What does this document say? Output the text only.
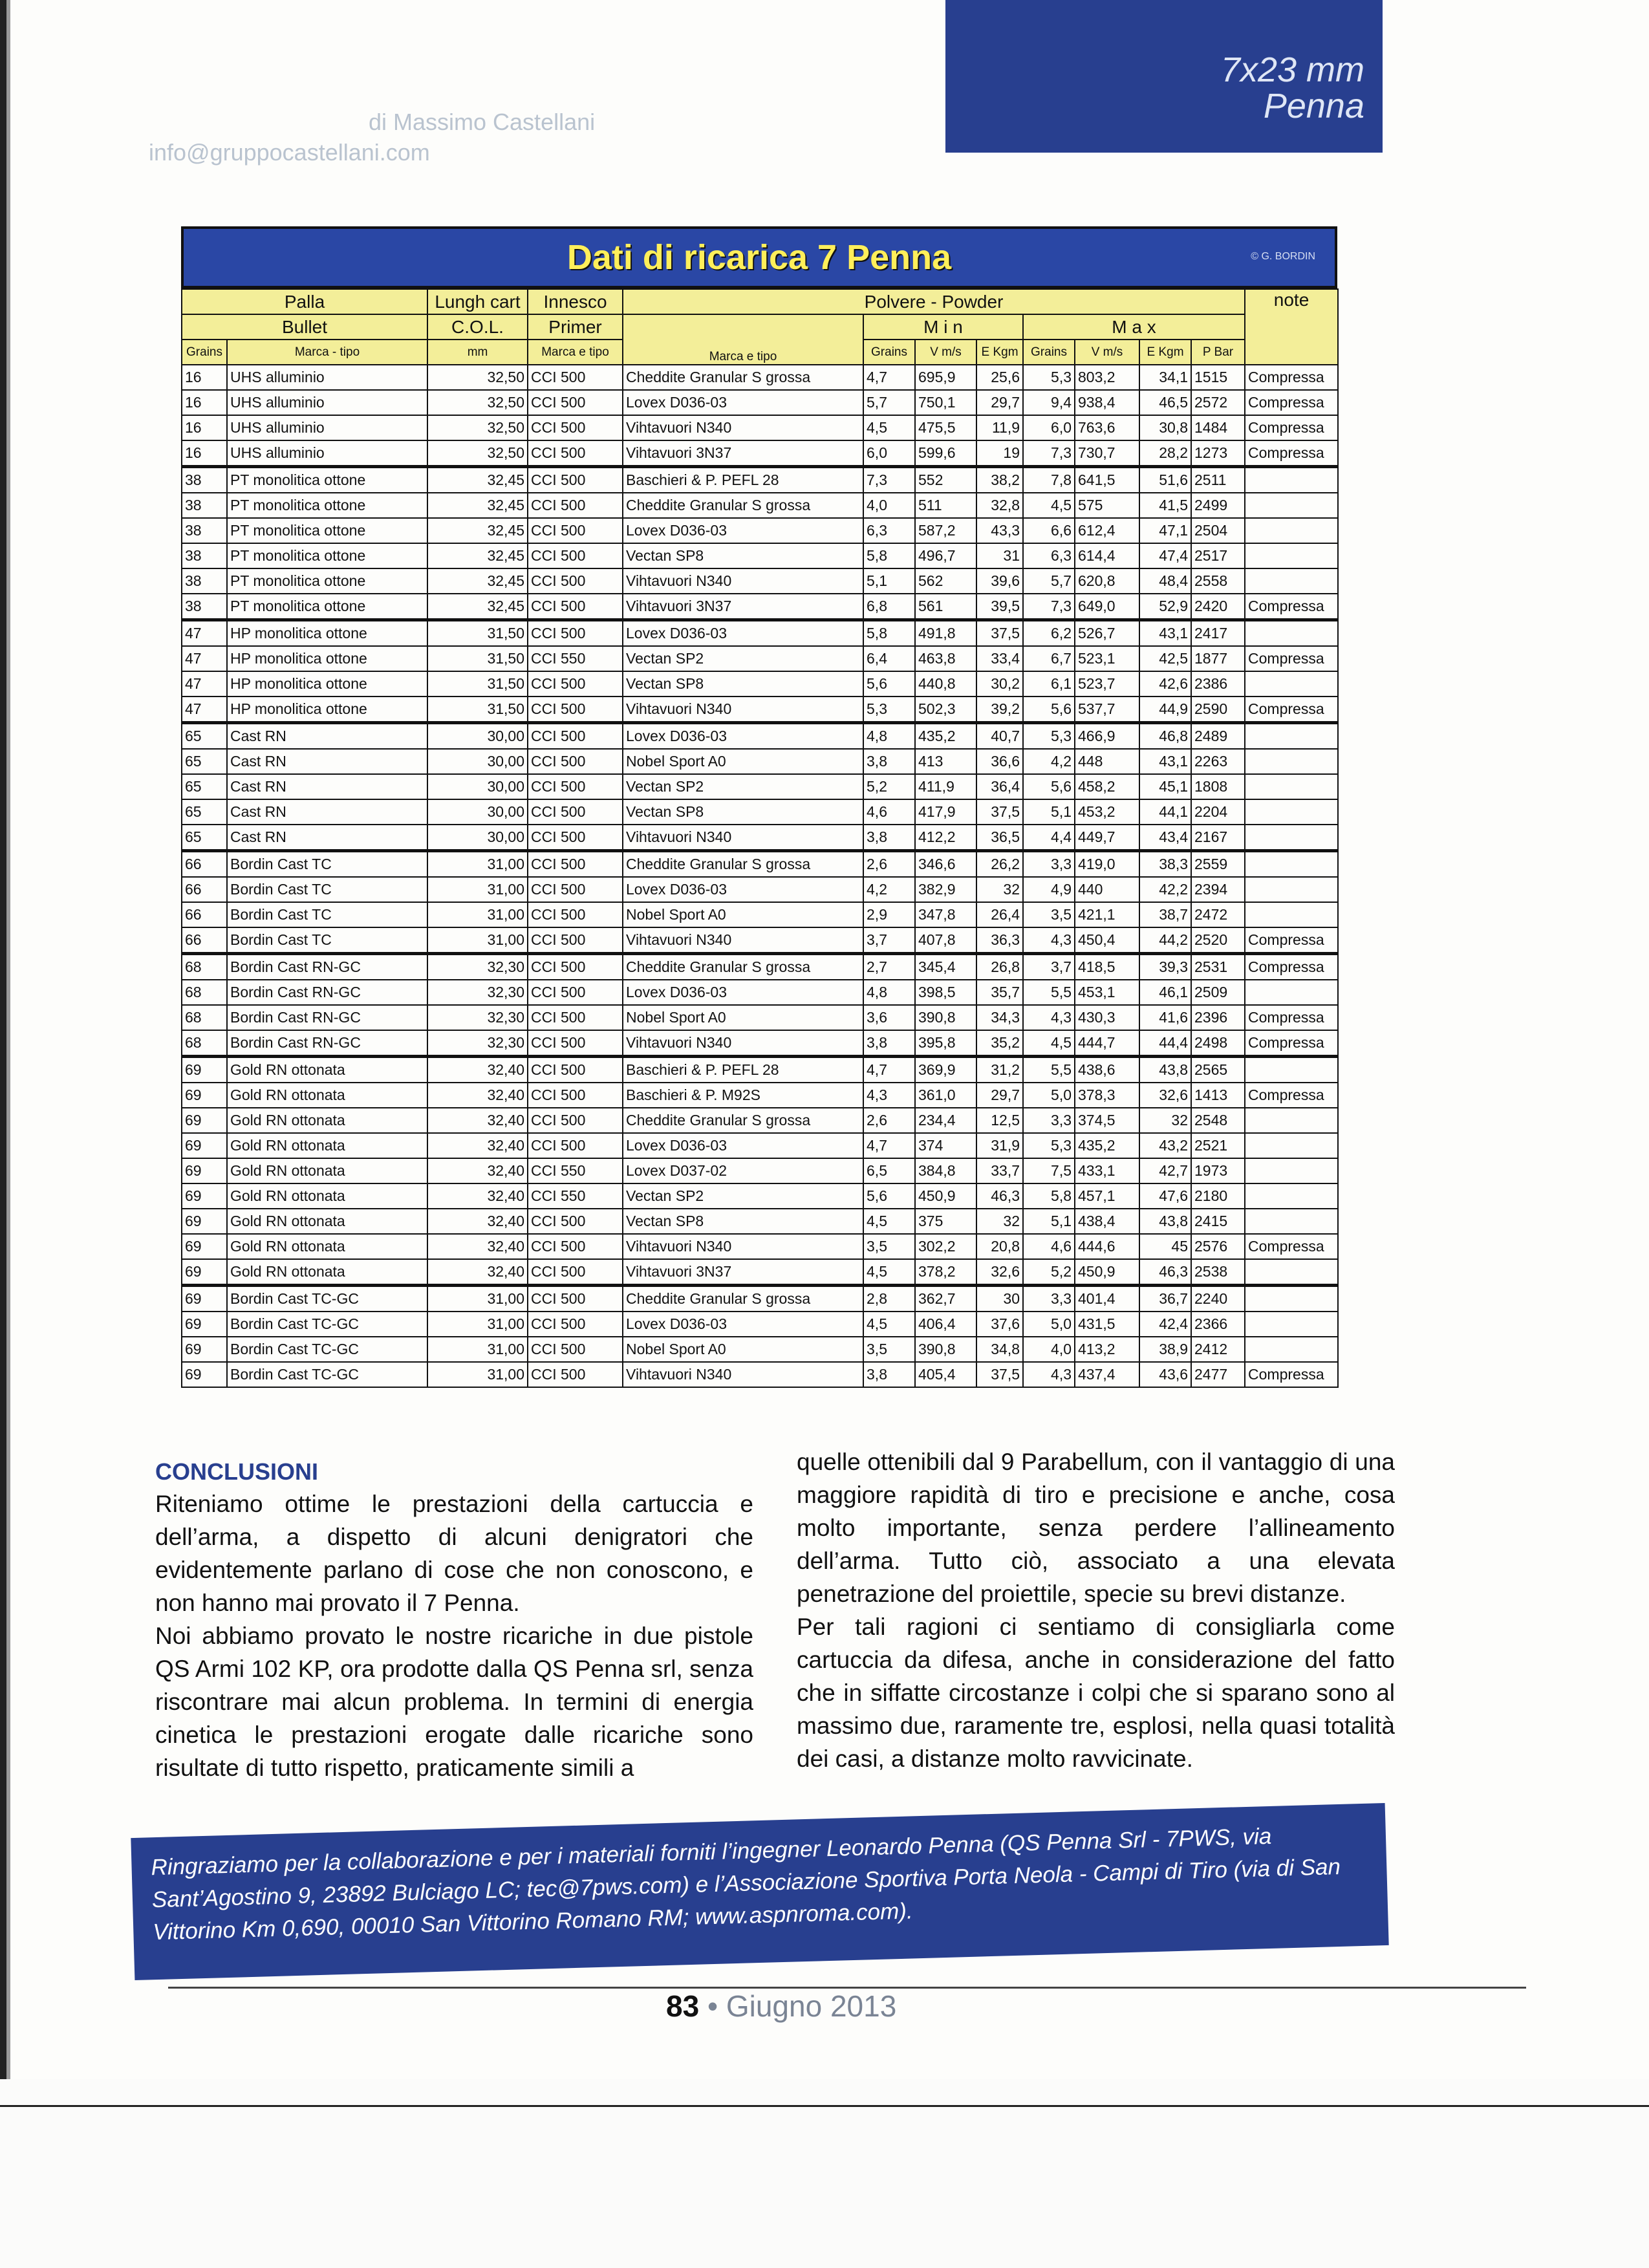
di Massimo Castellani
info@gruppocastellani.com
7x23 mm
Penna
Dati di ricarica 7 Penna	© G. BORDIN
Palla		Lungh cart	Innesco	Polvere - Powder								note
Bullet		C.O.L.	Primer	Marca e tipo	M i n			M a x				
Grains	Marca - tipo	mm	Marca e tipo		Grains	V m/s	E Kgm	Grains	V m/s	E Kgm	P Bar	
16	UHS alluminio	32,50	CCI 500	Cheddite Granular S grossa	4,7	695,9	25,6	5,3	803,2	34,1	1515	Compressa
16	UHS alluminio	32,50	CCI 500	Lovex D036-03	5,7	750,1	29,7	9,4	938,4	46,5	2572	Compressa
16	UHS alluminio	32,50	CCI 500	Vihtavuori N340	4,5	475,5	11,9	6,0	763,6	30,8	1484	Compressa
16	UHS alluminio	32,50	CCI 500	Vihtavuori 3N37	6,0	599,6	19	7,3	730,7	28,2	1273	Compressa
38	PT monolitica ottone	32,45	CCI 500	Baschieri & P. PEFL 28	7,3	552	38,2	7,8	641,5	51,6	2511	
38	PT monolitica ottone	32,45	CCI 500	Cheddite Granular S grossa	4,0	511	32,8	4,5	575	41,5	2499	
38	PT monolitica ottone	32,45	CCI 500	Lovex D036-03	6,3	587,2	43,3	6,6	612,4	47,1	2504	
38	PT monolitica ottone	32,45	CCI 500	Vectan SP8	5,8	496,7	31	6,3	614,4	47,4	2517	
38	PT monolitica ottone	32,45	CCI 500	Vihtavuori N340	5,1	562	39,6	5,7	620,8	48,4	2558	
38	PT monolitica ottone	32,45	CCI 500	Vihtavuori 3N37	6,8	561	39,5	7,3	649,0	52,9	2420	Compressa
47	HP monolitica ottone	31,50	CCI 500	Lovex D036-03	5,8	491,8	37,5	6,2	526,7	43,1	2417	
47	HP monolitica ottone	31,50	CCI 550	Vectan SP2	6,4	463,8	33,4	6,7	523,1	42,5	1877	Compressa
47	HP monolitica ottone	31,50	CCI 500	Vectan SP8	5,6	440,8	30,2	6,1	523,7	42,6	2386	
47	HP monolitica ottone	31,50	CCI 500	Vihtavuori N340	5,3	502,3	39,2	5,6	537,7	44,9	2590	Compressa
65	Cast RN	30,00	CCI 500	Lovex D036-03	4,8	435,2	40,7	5,3	466,9	46,8	2489	
65	Cast RN	30,00	CCI 500	Nobel Sport A0	3,8	413	36,6	4,2	448	43,1	2263	
65	Cast RN	30,00	CCI 500	Vectan SP2	5,2	411,9	36,4	5,6	458,2	45,1	1808	
65	Cast RN	30,00	CCI 500	Vectan SP8	4,6	417,9	37,5	5,1	453,2	44,1	2204	
65	Cast RN	30,00	CCI 500	Vihtavuori N340	3,8	412,2	36,5	4,4	449,7	43,4	2167	
66	Bordin Cast TC	31,00	CCI 500	Cheddite Granular S grossa	2,6	346,6	26,2	3,3	419,0	38,3	2559	
66	Bordin Cast TC	31,00	CCI 500	Lovex D036-03	4,2	382,9	32	4,9	440	42,2	2394	
66	Bordin Cast TC	31,00	CCI 500	Nobel Sport A0	2,9	347,8	26,4	3,5	421,1	38,7	2472	
66	Bordin Cast TC	31,00	CCI 500	Vihtavuori N340	3,7	407,8	36,3	4,3	450,4	44,2	2520	Compressa
68	Bordin Cast RN-GC	32,30	CCI 500	Cheddite Granular S grossa	2,7	345,4	26,8	3,7	418,5	39,3	2531	Compressa
68	Bordin Cast RN-GC	32,30	CCI 500	Lovex D036-03	4,8	398,5	35,7	5,5	453,1	46,1	2509	
68	Bordin Cast RN-GC	32,30	CCI 500	Nobel Sport A0	3,6	390,8	34,3	4,3	430,3	41,6	2396	Compressa
68	Bordin Cast RN-GC	32,30	CCI 500	Vihtavuori N340	3,8	395,8	35,2	4,5	444,7	44,4	2498	Compressa
69	Gold RN ottonata	32,40	CCI 500	Baschieri & P. PEFL 28	4,7	369,9	31,2	5,5	438,6	43,8	2565	
69	Gold RN ottonata	32,40	CCI 500	Baschieri & P. M92S	4,3	361,0	29,7	5,0	378,3	32,6	1413	Compressa
69	Gold RN ottonata	32,40	CCI 500	Cheddite Granular S grossa	2,6	234,4	12,5	3,3	374,5	32	2548	
69	Gold RN ottonata	32,40	CCI 500	Lovex D036-03	4,7	374	31,9	5,3	435,2	43,2	2521	
69	Gold RN ottonata	32,40	CCI 550	Lovex D037-02	6,5	384,8	33,7	7,5	433,1	42,7	1973	
69	Gold RN ottonata	32,40	CCI 550	Vectan SP2	5,6	450,9	46,3	5,8	457,1	47,6	2180	
69	Gold RN ottonata	32,40	CCI 500	Vectan SP8	4,5	375	32	5,1	438,4	43,8	2415	
69	Gold RN ottonata	32,40	CCI 500	Vihtavuori N340	3,5	302,2	20,8	4,6	444,6	45	2576	Compressa
69	Gold RN ottonata	32,40	CCI 500	Vihtavuori 3N37	4,5	378,2	32,6	5,2	450,9	46,3	2538	
69	Bordin Cast TC-GC	31,00	CCI 500	Cheddite Granular S grossa	2,8	362,7	30	3,3	401,4	36,7	2240	
69	Bordin Cast TC-GC	31,00	CCI 500	Lovex D036-03	4,5	406,4	37,6	5,0	431,5	42,4	2366	
69	Bordin Cast TC-GC	31,00	CCI 500	Nobel Sport A0	3,5	390,8	34,8	4,0	413,2	38,9	2412	
69	Bordin Cast TC-GC	31,00	CCI 500	Vihtavuori N340	3,8	405,4	37,5	4,3	437,4	43,6	2477	Compressa
CONCLUSIONI

Riteniamo ottime le prestazioni della cartuccia e dell’arma, a dispetto di alcuni denigratori che evidentemente parlano di cose che non conoscono, e non hanno mai provato il 7 Penna.

Noi abbiamo provato le nostre ricariche in due pistole QS Armi 102 KP, ora prodotte dalla QS Penna srl, senza riscontrare mai alcun problema. In termini di energia cinetica le prestazioni erogate dalle ricariche sono risultate di tutto rispetto, praticamente simili a

quelle ottenibili dal 9 Parabellum, con il vantaggio di una maggiore rapidità di tiro e precisione e anche, cosa molto importante, senza perdere l’allineamento dell’arma. Tutto ciò, associato a una elevata penetrazione del proiettile, specie su brevi distanze.

Per tali ragioni ci sentiamo di consigliarla come cartuccia da difesa, anche in considerazione del fatto che in siffatte circostanze i colpi che si sparano sono al massimo due, raramente tre, esplosi, nella quasi totalità dei casi, a distanze molto ravvicinate.

Ringraziamo per la collaborazione e per i materiali forniti l’ingegner Leonardo Penna (QS Penna Srl - 7PWS, via Sant’Agostino 9, 23892 Bulciago LC; tec@7pws.com) e l’Associazione Sportiva Porta Neola - Campi di Tiro (via di San Vittorino Km 0,690, 00010 San Vittorino Romano RM; www.aspnroma.com).
83 • Giugno 2013
